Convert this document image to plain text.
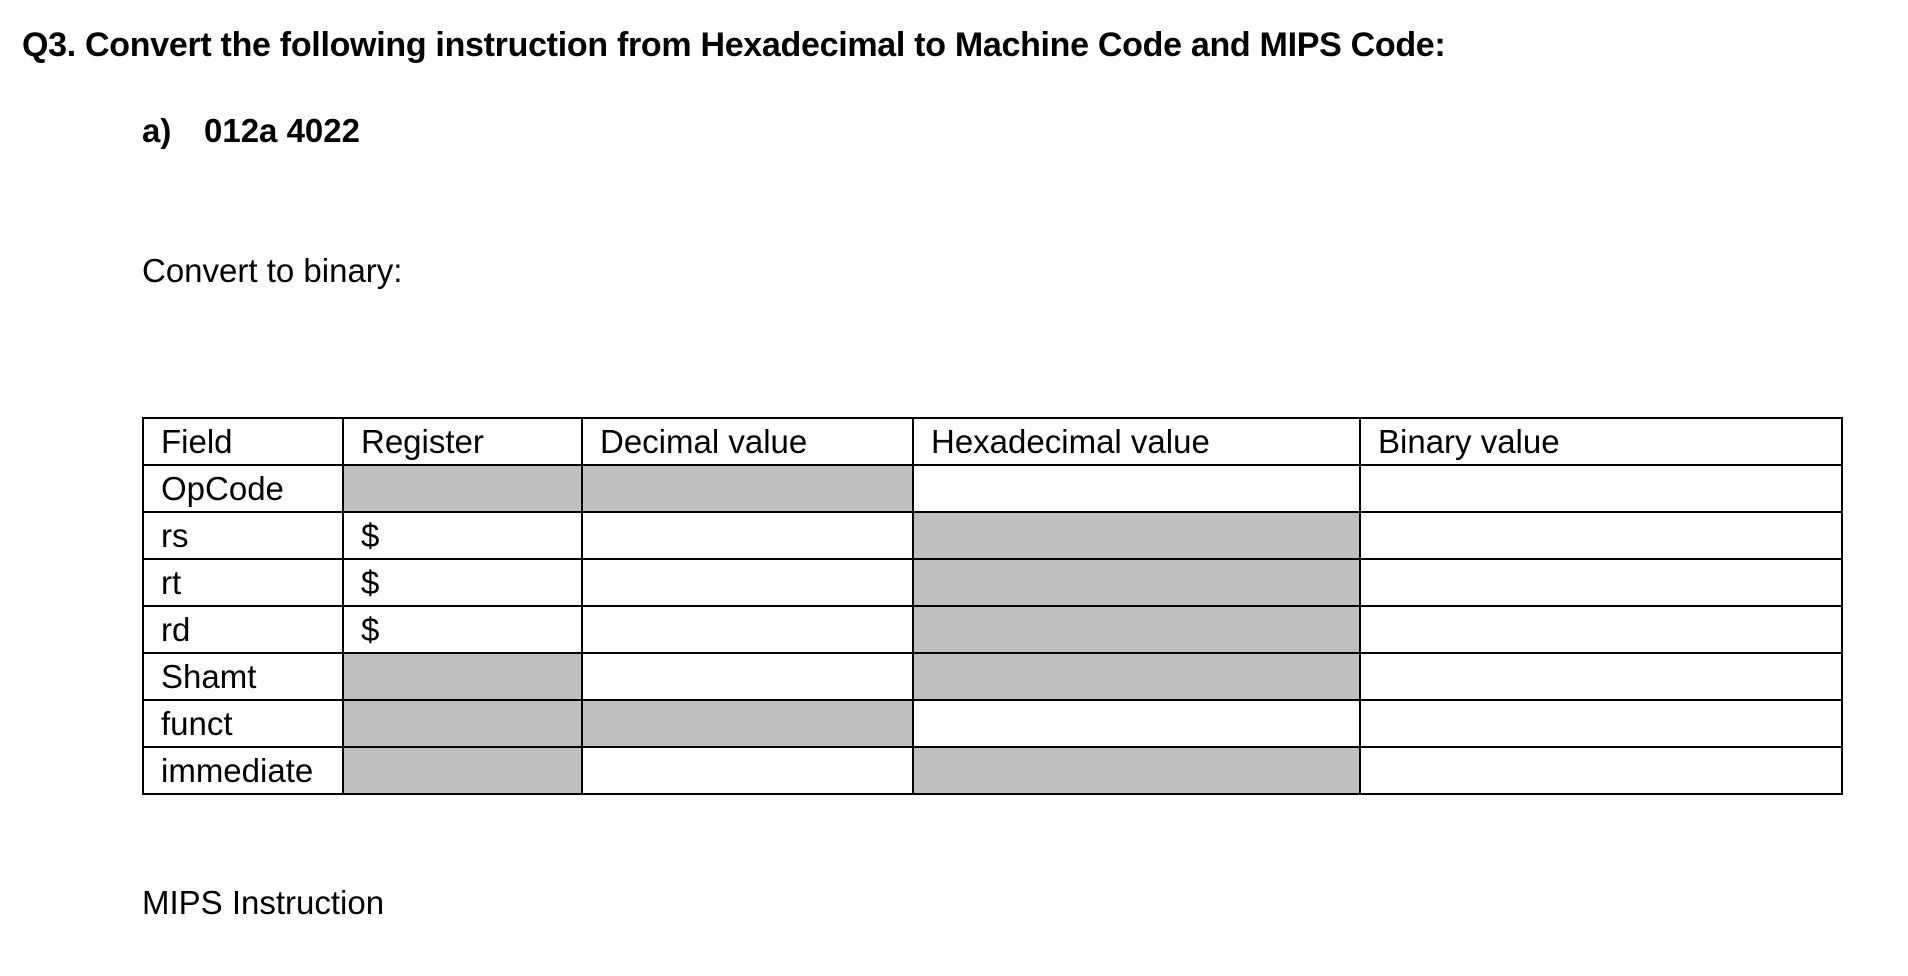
Q3. Convert the following instruction from Hexadecimal to Machine Code and MIPS Code:
a) 012a 4022
Convert to binary:
Field	Register	Decimal value	Hexadecimal value	Binary value
OpCode				
rs	$			
rt	$			
rd	$			
Shamt				
funct				
immediate				
MIPS Instruction
